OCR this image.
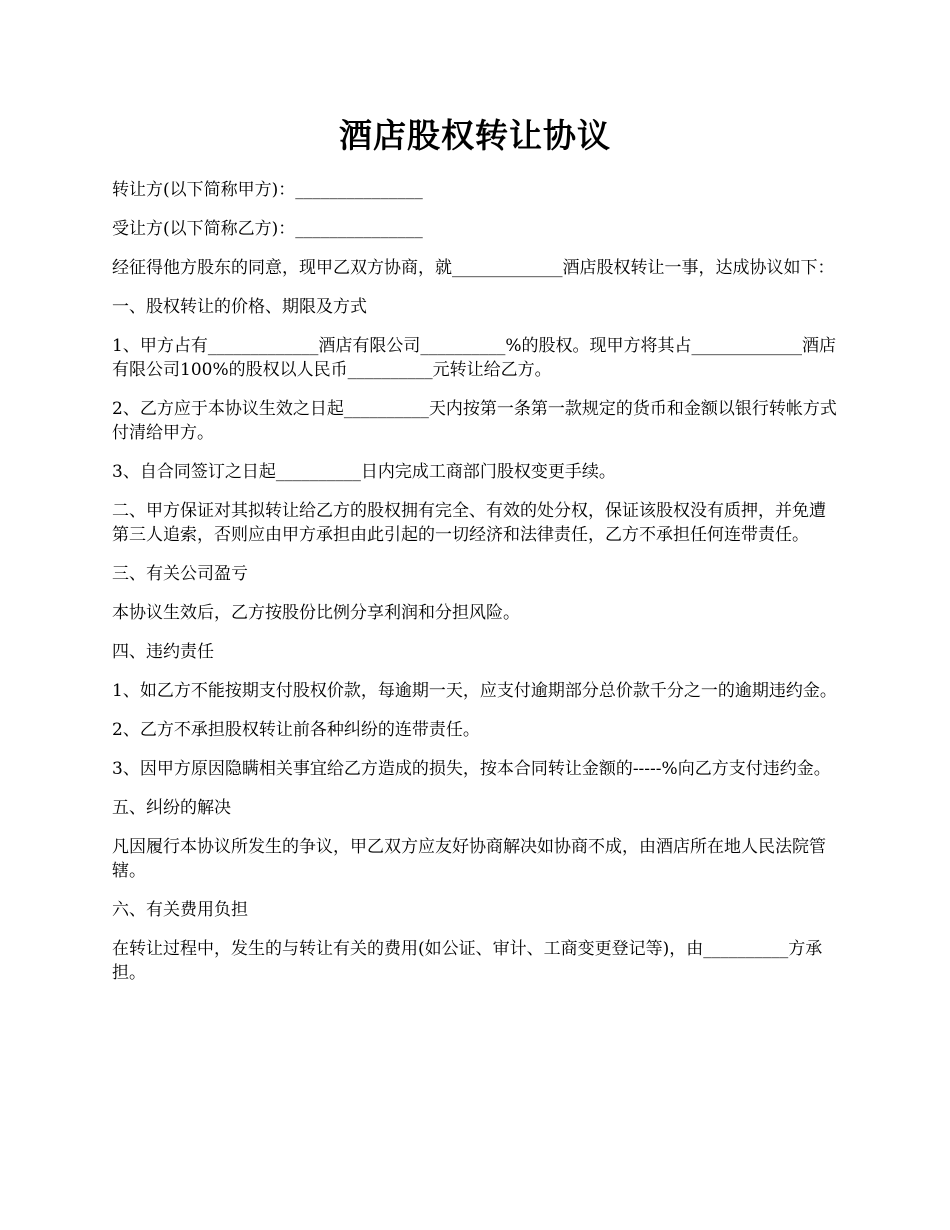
酒店股权转让协议

转让方(以下简称甲方)：_______________

受让方(以下简称乙方)：_______________

经征得他方股东的同意，现甲乙双方协商，就_____________酒店股权转让一事，达成协议如下：

一、股权转让的价格、期限及方式

1、甲方占有_____________酒店有限公司__________%的股权。现甲方将其占_____________酒店有限公司100%的股权以人民币__________元转让给乙方。

2、乙方应于本协议生效之日起__________天内按第一条第一款规定的货币和金额以银行转帐方式付清给甲方。

3、自合同签订之日起__________日内完成工商部门股权变更手续。

二、甲方保证对其拟转让给乙方的股权拥有完全、有效的处分权，保证该股权没有质押，并免遭第三人追索，否则应由甲方承担由此引起的一切经济和法律责任，乙方不承担任何连带责任。

三、有关公司盈亏

本协议生效后，乙方按股份比例分享利润和分担风险。

四、违约责任

1、如乙方不能按期支付股权价款，每逾期一天，应支付逾期部分总价款千分之一的逾期违约金。

2、乙方不承担股权转让前各种纠纷的连带责任。

3、因甲方原因隐瞒相关事宜给乙方造成的损失，按本合同转让金额的-----%向乙方支付违约金。

五、纠纷的解决

凡因履行本协议所发生的争议，甲乙双方应友好协商解决如协商不成，由酒店所在地人民法院管辖。

六、有关费用负担

在转让过程中，发生的与转让有关的费用(如公证、审计、工商变更登记等)，由__________方承担。
